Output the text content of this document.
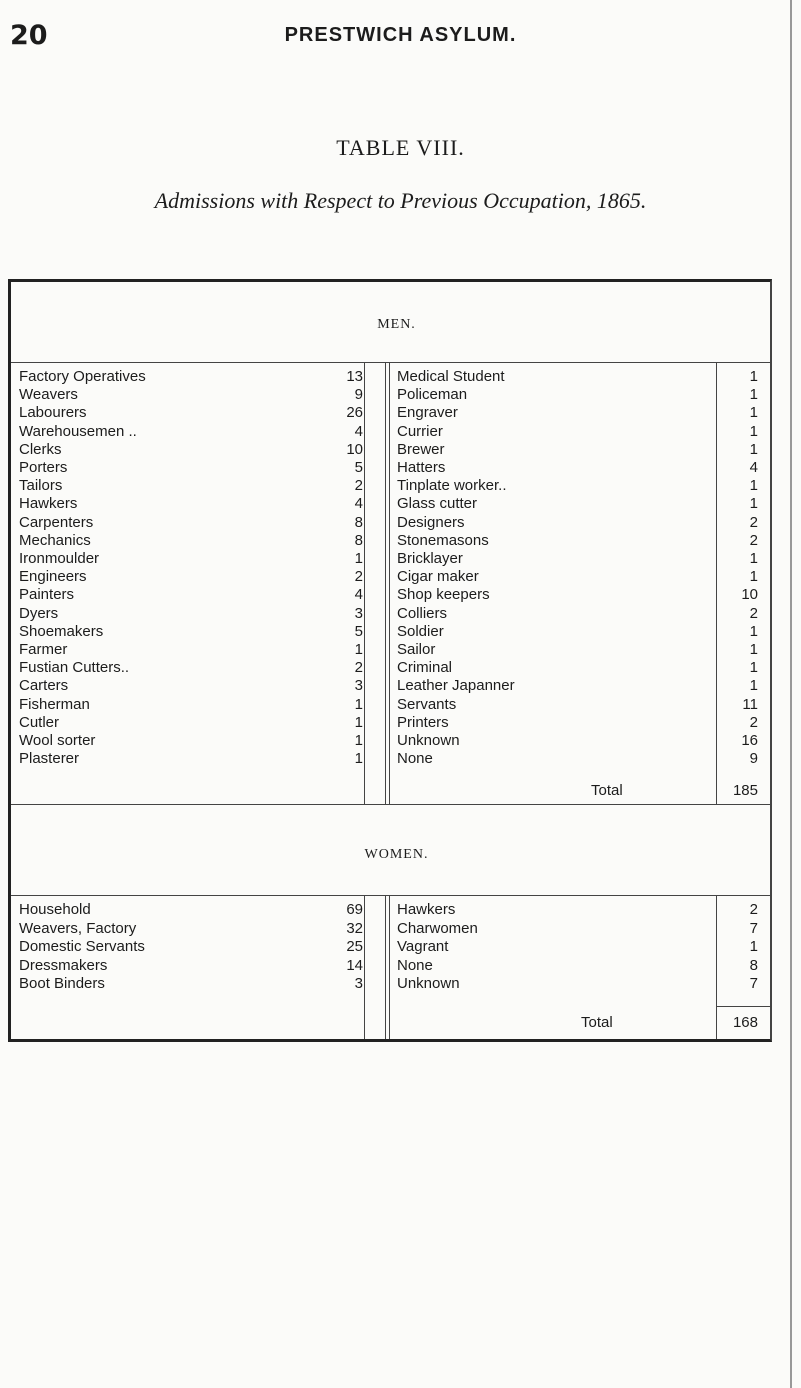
20	PRESTWICH ASYLUM.
TABLE VIII.
Admissions with Respect to Previous Occupation, 1865.
MEN.
Factory Operatives	13 Medical Student	1
Weavers	9 Policeman	1
Labourers	26 Engraver	1
Warehousemen ..	4 Currier	1
Clerks	10 Brewer	1
Porters	5 Hatters	4
Tailors	2 Tinplate worker..	1
Hawkers	4 Glass cutter	1
Carpenters	8 Designers	2
Mechanics	8 Stonemasons	2
Ironmoulder	1 Bricklayer	1
Engineers	2 Cigar maker	1
Painters	4 Shop keepers	10
Dyers	3 Colliers	2
Shoemakers	5 Soldier	1
Farmer	1 Sailor	1
Fustian Cutters..	2 Criminal	1
Carters	3 Leather Japanner	1
Fisherman	1 Servants	11
Cutler	1 Printers	2
Wool sorter	1 Unknown	16
Plasterer	1 None	9
Total	185
WOMEN.
Household	69 Hawkers	2
Weavers, Factory	32 Charwomen	7
Domestic Servants	25 Vagrant	1
Dressmakers	14 None	8
Boot Binders	3 Unknown	7
Total	168
